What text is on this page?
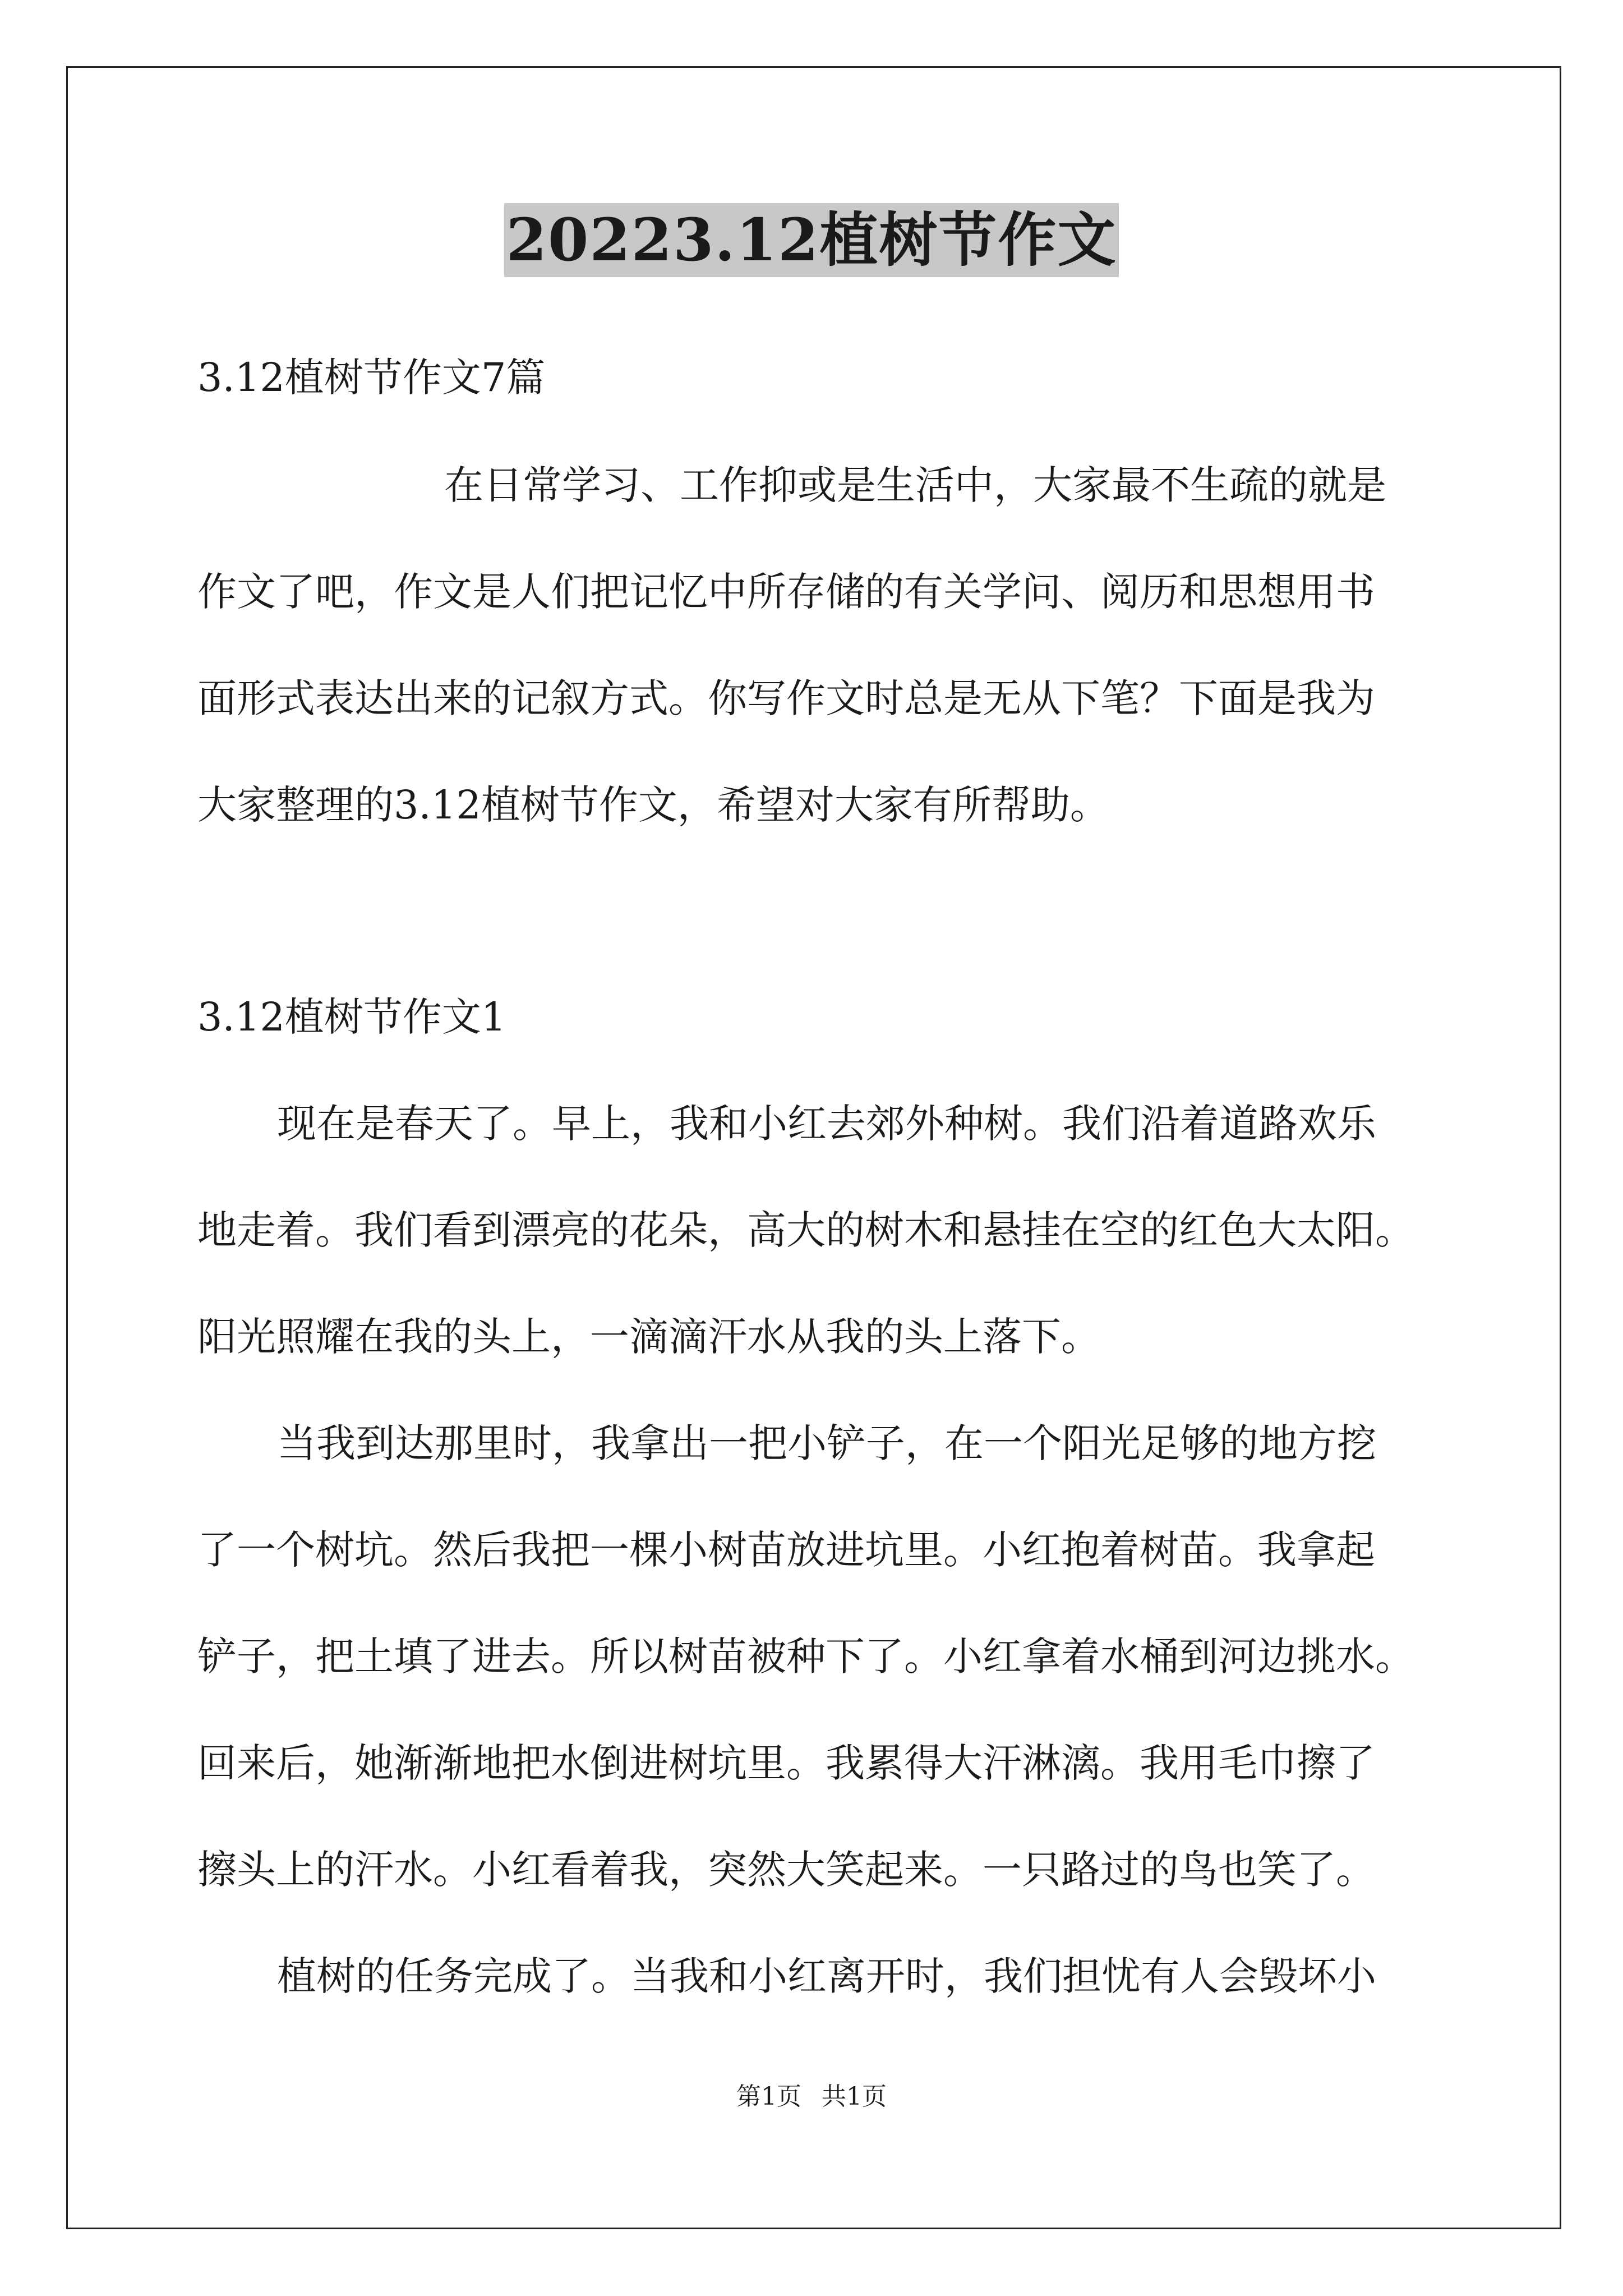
20223.12植树节作文
3.12植树节作文7篇
在日常学习、工作抑或是生活中，大家最不生疏的就是
作文了吧，作文是人们把记忆中所存储的有关学问、阅历和思想用书
面形式表达出来的记叙方式。你写作文时总是无从下笔？下面是我为
大家整理的3.12植树节作文，希望对大家有所帮助。
3.12植树节作文1
现在是春天了。早上，我和小红去郊外种树。我们沿着道路欢乐
地走着。我们看到漂亮的花朵，高大的树木和悬挂在空的红色大太阳。
阳光照耀在我的头上，一滴滴汗水从我的头上落下。
当我到达那里时，我拿出一把小铲子，在一个阳光足够的地方挖
了一个树坑。然后我把一棵小树苗放进坑里。小红抱着树苗。我拿起
铲子，把土填了进去。所以树苗被种下了。小红拿着水桶到河边挑水。
回来后，她渐渐地把水倒进树坑里。我累得大汗淋漓。我用毛巾擦了
擦头上的汗水。小红看着我，突然大笑起来。一只路过的鸟也笑了。
植树的任务完成了。当我和小红离开时，我们担忧有人会毁坏小
第1页 共1页
